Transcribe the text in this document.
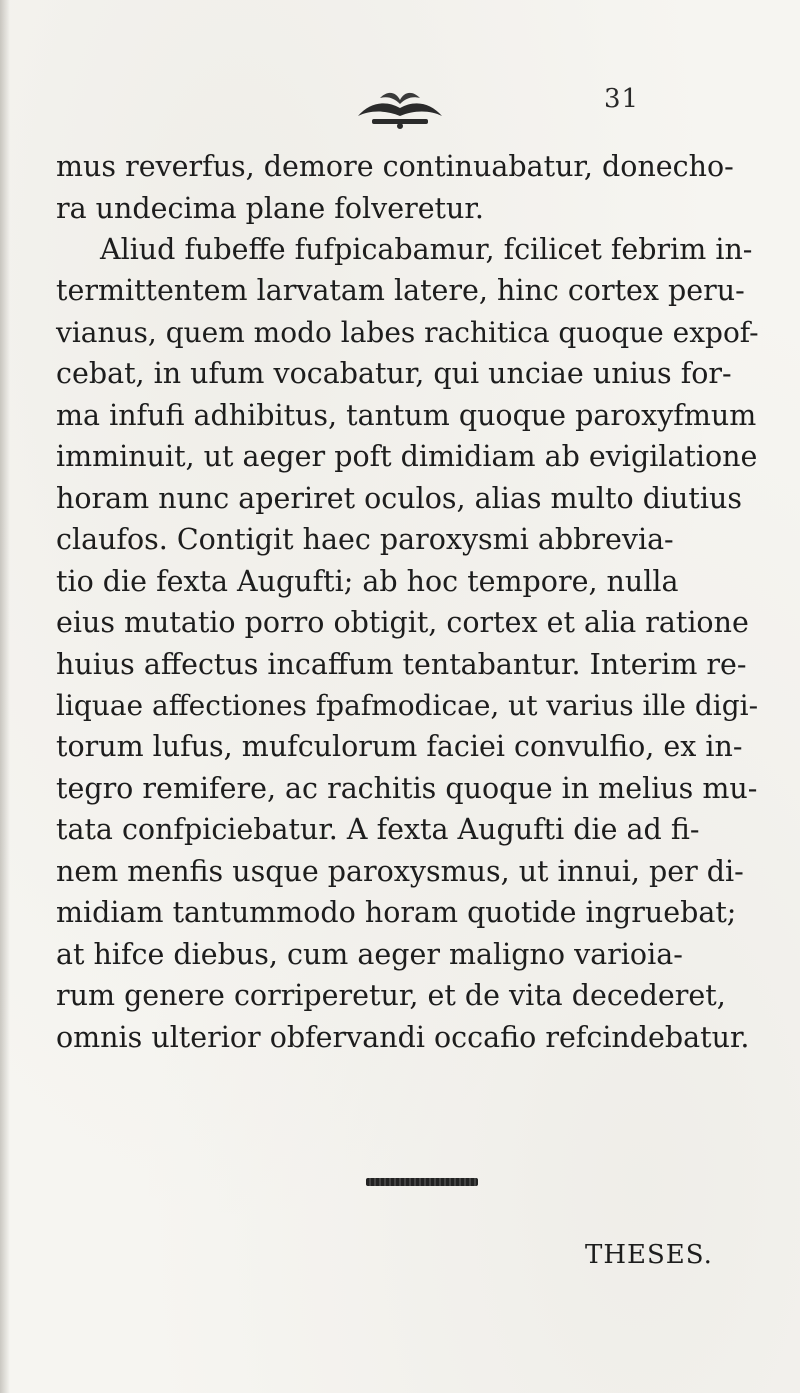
31
mus reverfus, demore continuabatur, donecho-
ra undecima plane folveretur.
Aliud fubeffe fufpicabamur, fcilicet febrim in-
termittentem larvatam latere, hinc cortex peru-
vianus, quem modo labes rachitica quoque expof-
cebat, in ufum vocabatur, qui unciae unius for-
ma infufi adhibitus, tantum quoque paroxyfmum
imminuit, ut aeger poft dimidiam ab evigilatione
horam nunc aperiret oculos, alias multo diutius
claufos. Contigit haec paroxysmi abbrevia-
tio die fexta Augufti; ab hoc tempore, nulla
eius mutatio porro obtigit, cortex et alia ratione
huius affectus incaffum tentabantur. Interim re-
liquae affectiones fpafmodicae, ut varius ille digi-
torum lufus, mufculorum faciei convulfio, ex in-
tegro remifere, ac rachitis quoque in melius mu-
tata confpiciebatur. A fexta Augufti die ad fi-
nem menfis usque paroxysmus, ut innui, per di-
midiam tantummodo horam quotide ingruebat;
at hifce diebus, cum aeger maligno varioia-
rum genere corriperetur, et de vita decederet,
omnis ulterior obfervandi occafio refcindebatur.
THESES.
